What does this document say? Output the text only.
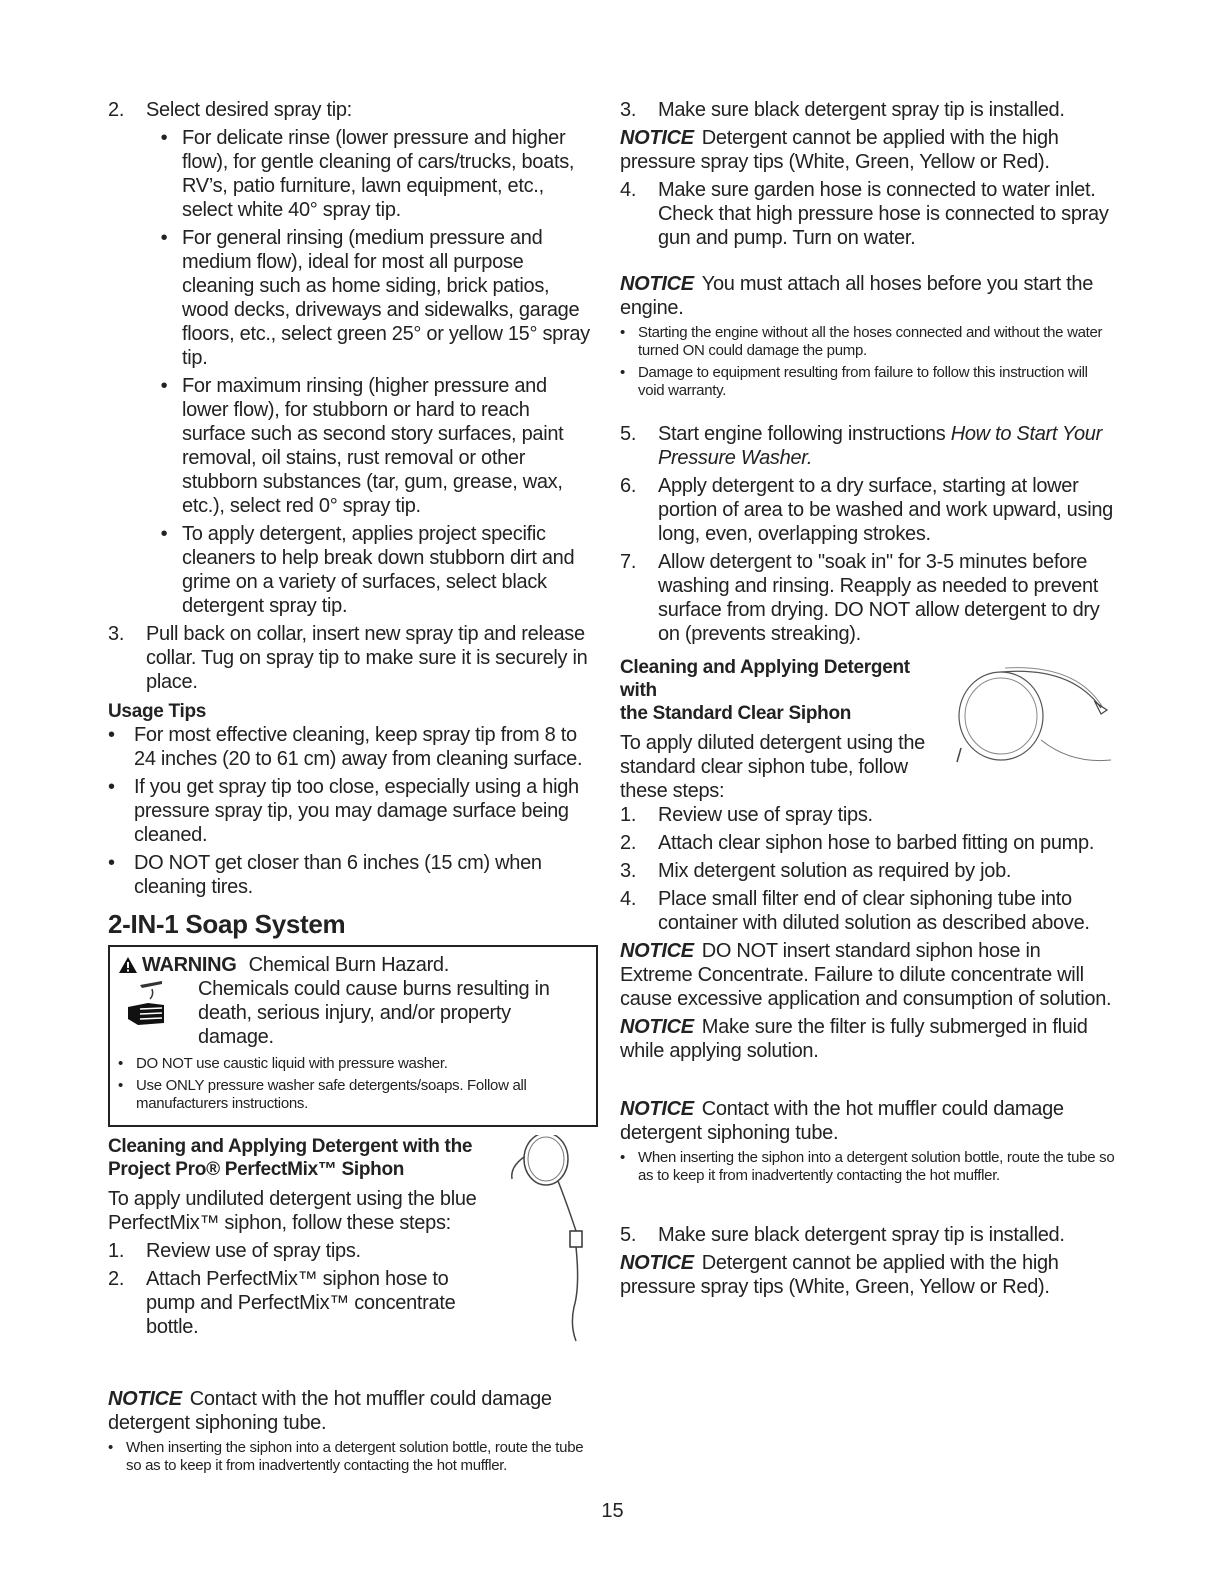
2.	Select desired spray tip:
• For delicate rinse (lower pressure and higher flow), for gentle cleaning of cars/trucks, boats, RV’s, patio furniture, lawn equipment, etc., select white 40° spray tip.
• For general rinsing (medium pressure and medium flow), ideal for most all purpose cleaning such as home siding, brick patios, wood decks, driveways and sidewalks, garage floors, etc., select green 25° or yellow 15° spray tip.
• For maximum rinsing (higher pressure and lower flow), for stubborn or hard to reach surface such as second story surfaces, paint removal, oil stains, rust removal or other stubborn substances (tar, gum, grease, wax, etc.), select red 0° spray tip.
• To apply detergent, applies project specific cleaners to help break down stubborn dirt and grime on a variety of surfaces, select black detergent spray tip.
3.	Pull back on collar, insert new spray tip and release collar. Tug on spray tip to make sure it is securely in place.

Usage Tips

• For most effective cleaning, keep spray tip from 8 to 24 inches (20 to 61 cm) away from cleaning surface.
• If you get spray tip too close, especially using a high pressure spray tip, you may damage surface being cleaned.
• DO NOT get closer than 6 inches (15 cm) when cleaning tires.

2-IN-1 Soap System

WARNING Chemical Burn Hazard.

Chemicals could cause burns resulting in death, serious injury, and/or property damage.

• DO NOT use caustic liquid with pressure washer.
• Use ONLY pressure washer safe detergents/soaps. Follow all manufacturers instructions.

Cleaning and Applying Detergent with the

Project Pro® PerfectMix™ Siphon

To apply undiluted detergent using the blue PerfectMix™ siphon, follow these steps:

1.	Review use of spray tips.
2.	Attach PerfectMix™ siphon hose to pump and PerfectMix™ concentrate bottle.

NOTICE Contact with the hot muffler could damage detergent siphoning tube.

• When inserting the siphon into a detergent solution bottle, route the tube so as to keep it from inadvertently contacting the hot muffler.
3.	Make sure black detergent spray tip is installed.

NOTICE Detergent cannot be applied with the high pressure spray tips (White, Green, Yellow or Red).

4.	Make sure garden hose is connected to water inlet. Check that high pressure hose is connected to spray gun and pump. Turn on water.

NOTICE You must attach all hoses before you start the engine.

• Starting the engine without all the hoses connected and without the water turned ON could damage the pump.
• Damage to equipment resulting from failure to follow this instruction will void warranty.
5.	Start engine following instructions How to Start Your Pressure Washer.
6.	Apply detergent to a dry surface, starting at lower portion of area to be washed and work upward, using long, even, overlapping strokes.
7.	Allow detergent to "soak in" for 3-5 minutes before washing and rinsing. Reapply as needed to prevent surface from drying. DO NOT allow detergent to dry on (prevents streaking).

Cleaning and Applying Detergent with

the Standard Clear Siphon

To apply diluted detergent using the standard clear siphon tube, follow these steps:

1.	Review use of spray tips.
2.	Attach clear siphon hose to barbed fitting on pump.
3.	Mix detergent solution as required by job.
4.	Place small filter end of clear siphoning tube into container with diluted solution as described above.

NOTICE DO NOT insert standard siphon hose in Extreme Concentrate. Failure to dilute concentrate will cause excessive application and consumption of solution.

NOTICE Make sure the filter is fully submerged in fluid while applying solution.

NOTICE Contact with the hot muffler could damage detergent siphoning tube.

• When inserting the siphon into a detergent solution bottle, route the tube so as to keep it from inadvertently contacting the hot muffler.
5.	Make sure black detergent spray tip is installed.

NOTICE Detergent cannot be applied with the high pressure spray tips (White, Green, Yellow or Red).

15
